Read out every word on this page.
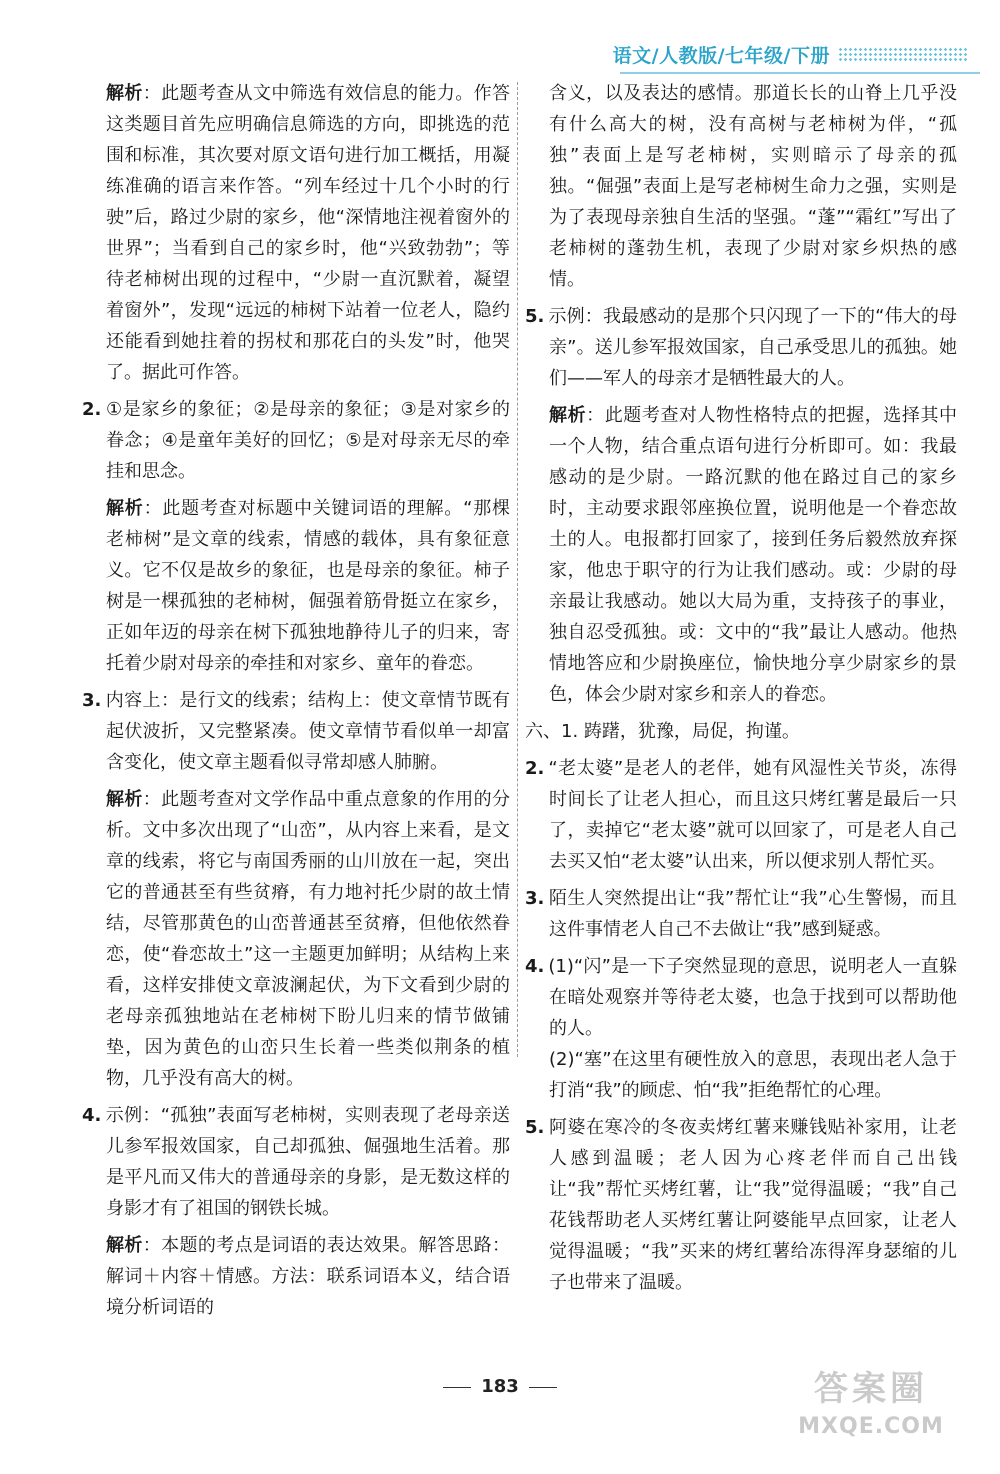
语文/人教版/七年级/下册

解析：此题考查从文中筛选有效信息的能力。作答这类题目首先应明确信息筛选的方向，即挑选的范围和标准，其次要对原文语句进行加工概括，用凝练准确的语言来作答。“列车经过十几个小时的行驶”后，路过少尉的家乡，他“深情地注视着窗外的世界”；当看到自己的家乡时，他“兴致勃勃”；等待老柿树出现的过程中，“少尉一直沉默着，凝望着窗外”，发现“远远的柿树下站着一位老人，隐约还能看到她拄着的拐杖和那花白的头发”时，他哭了。据此可作答。

2. ①是家乡的象征；②是母亲的象征；③是对家乡的眷念；④是童年美好的回忆；⑤是对母亲无尽的牵挂和思念。

解析：此题考查对标题中关键词语的理解。“那棵老柿树”是文章的线索，情感的载体，具有象征意义。它不仅是故乡的象征，也是母亲的象征。柿子树是一棵孤独的老柿树，倔强着筋骨挺立在家乡，正如年迈的母亲在树下孤独地静待儿子的归来，寄托着少尉对母亲的牵挂和对家乡、童年的眷恋。

3. 内容上：是行文的线索；结构上：使文章情节既有起伏波折，又完整紧凑。使文章情节看似单一却富含变化，使文章主题看似寻常却感人肺腑。

解析：此题考查对文学作品中重点意象的作用的分析。文中多次出现了“山峦”，从内容上来看，是文章的线索，将它与南国秀丽的山川放在一起，突出它的普通甚至有些贫瘠，有力地衬托少尉的故土情结，尽管那黄色的山峦普通甚至贫瘠，但他依然眷恋，使“眷恋故土”这一主题更加鲜明；从结构上来看，这样安排使文章波澜起伏，为下文看到少尉的老母亲孤独地站在老柿树下盼儿归来的情节做铺垫，因为黄色的山峦只生长着一些类似荆条的植物，几乎没有高大的树。

4. 示例：“孤独”表面写老柿树，实则表现了老母亲送儿参军报效国家，自己却孤独、倔强地生活着。那是平凡而又伟大的普通母亲的身影，是无数这样的身影才有了祖国的钢铁长城。

解析：本题的考点是词语的表达效果。解答思路：解词＋内容＋情感。方法：联系词语本义，结合语境分析词语的

含义，以及表达的感情。那道长长的山脊上几乎没有什么高大的树，没有高树与老柿树为伴，“孤独”表面上是写老柿树，实则暗示了母亲的孤独。“倔强”表面上是写老柿树生命力之强，实则是为了表现母亲独自生活的坚强。“蓬”“霜红”写出了老柿树的蓬勃生机，表现了少尉对家乡炽热的感情。

5. 示例：我最感动的是那个只闪现了一下的“伟大的母亲”。送儿参军报效国家，自己承受思儿的孤独。她们——军人的母亲才是牺牲最大的人。

解析：此题考查对人物性格特点的把握，选择其中一个人物，结合重点语句进行分析即可。如：我最感动的是少尉。一路沉默的他在路过自己的家乡时，主动要求跟邻座换位置，说明他是一个眷恋故土的人。电报都打回家了，接到任务后毅然放弃探家，他忠于职守的行为让我们感动。或：少尉的母亲最让我感动。她以大局为重，支持孩子的事业，独自忍受孤独。或：文中的“我”最让人感动。他热情地答应和少尉换座位，愉快地分享少尉家乡的景色，体会少尉对家乡和亲人的眷恋。

六、1. 踌躇，犹豫，局促，拘谨。

2. “老太婆”是老人的老伴，她有风湿性关节炎，冻得时间长了让老人担心，而且这只烤红薯是最后一只了，卖掉它“老太婆”就可以回家了，可是老人自己去买又怕“老太婆”认出来，所以便求别人帮忙买。

3. 陌生人突然提出让“我”帮忙让“我”心生警惕，而且这件事情老人自己不去做让“我”感到疑惑。

4. (1)“闪”是一下子突然显现的意思，说明老人一直躲在暗处观察并等待老太婆，也急于找到可以帮助他的人。
(2)“塞”在这里有硬性放入的意思，表现出老人急于打消“我”的顾虑、怕“我”拒绝帮忙的心理。

5. 阿婆在寒冷的冬夜卖烤红薯来赚钱贴补家用，让老人感到温暖；老人因为心疼老伴而自己出钱让“我”帮忙买烤红薯，让“我”觉得温暖；“我”自己花钱帮助老人买烤红薯让阿婆能早点回家，让老人觉得温暖；“我”买来的烤红薯给冻得浑身瑟缩的儿子也带来了温暖。

183	答案圈
MXQE.COM
